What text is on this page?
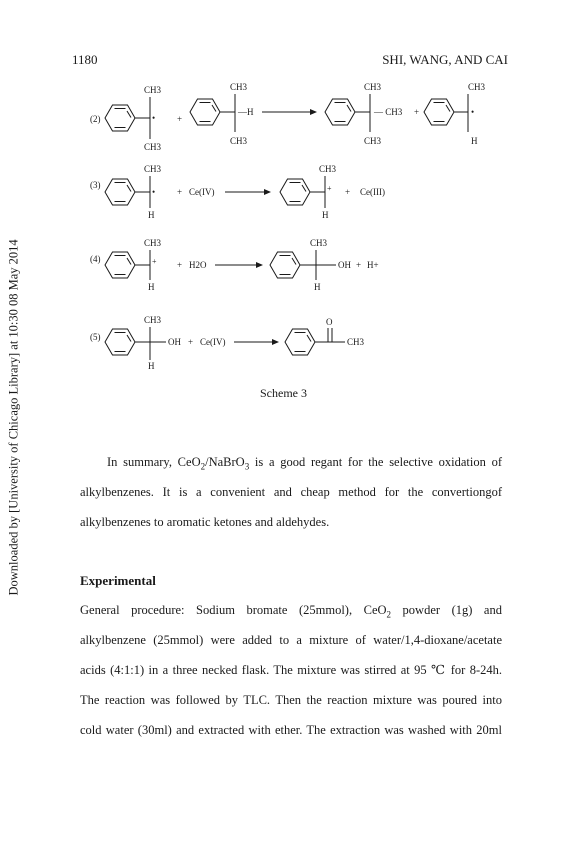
1180	SHI, WANG, AND CAI
Downloaded by [University of Chicago Library] at 10:30 08 May 2014
(2)
CH3
•
CH3
+
CH3
—H
CH3
CH3
— CH3
CH3
+
CH3
•
H
(3)
CH3
•
H
+ Ce(IV)
CH3
+
H
+ Ce(III)
(4)
CH3
+
H
+ H2O
CH3
OH + H+
H
(5)
CH3
OH
H
+ Ce(IV)
O
CH3
Scheme 3
In summary, CeO$_2$/NaBrO$_3$ is a good regant for the selective oxidation of
alkylbenzenes. It is a convenient and cheap method for the convertiongof
alkylbenzenes to aromatic ketones and aldehydes.
Experimental
General procedure: Sodium bromate (25mmol), CeO$_2$ powder (1g) and
alkylbenzene (25mmol) were added to a mixture of water/1,4-dioxane/acetate
acids (4:1:1) in a three necked flask. The mixture was stirred at 95 ℃ for 8-24h.
The reaction was followed by TLC. Then the reaction mixture was poured into
cold water (30ml) and extracted with ether. The extraction was washed with 20ml
